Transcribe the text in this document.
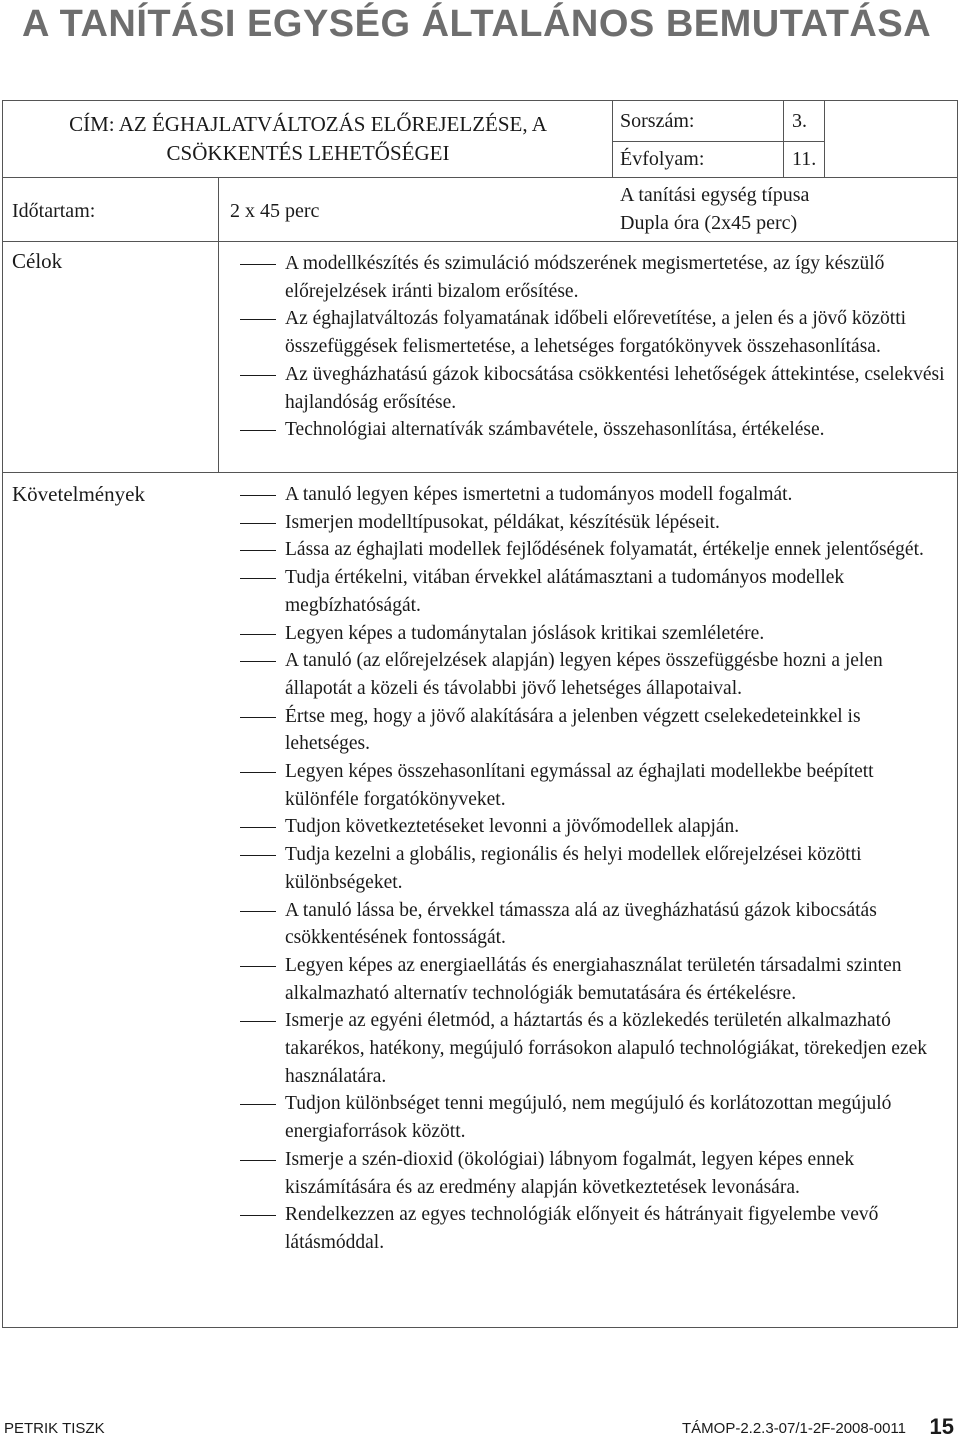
A TANÍTÁSI EGYSÉG ÁLTALÁNOS BEMUTATÁSA
CÍM: AZ ÉGHAJLATVÁLTOZÁS ELŐREJELZÉSE, A
CSÖKKENTÉS LEHETŐSÉGEI
Sorszám:	3.
Évfolyam:	11.
Időtartam:	2 x 45 perc
A tanítási egység típusa
Dupla óra (2x45 perc)
Célok	A modellkészítés és szimuláció módszerének megismertetése, az így készülő előrejelzések iránti bizalom erősítése.
Az éghajlatváltozás folyamatának időbeli előrevetítése, a jelen és a jövő közötti összefüggések felismertetése, a lehetséges forgatókönyvek összehasonlítása.
Az üvegházhatású gázok kibocsátása csökkentési lehetőségek áttekintése, cselekvési hajlandóság erősítése.
Technológiai alternatívák számbavétele, összehasonlítása, értékelése.
Követelmények	A tanuló legyen képes ismertetni a tudományos modell fogalmát.
Ismerjen modelltípusokat, példákat, készítésük lépéseit.
Lássa az éghajlati modellek fejlődésének folyamatát, értékelje ennek jelentőségét.
Tudja értékelni, vitában érvekkel alátámasztani a tudományos modellek megbízhatóságát.
Legyen képes a tudománytalan jóslások kritikai szemléletére.
A tanuló (az előrejelzések alapján) legyen képes összefüggésbe hozni a jelen állapotát a közeli és távolabbi jövő lehetséges állapotaival.
Értse meg, hogy a jövő alakítására a jelenben végzett cselekedeteinkkel is lehetséges.
Legyen képes összehasonlítani egymással az éghajlati modellekbe beépített különféle forgatókönyveket.
Tudjon következtetéseket levonni a jövőmodellek alapján.
Tudja kezelni a globális, regionális és helyi modellek előrejelzései közötti különbségeket.
A tanuló lássa be, érvekkel támassza alá az üvegházhatású gázok kibocsátás csökkentésének fontosságát.
Legyen képes az energiaellátás és energiahasználat területén társadalmi szinten alkalmazható alternatív technológiák bemutatására és értékelésre.
Ismerje az egyéni életmód, a háztartás és a közlekedés területén alkalmazható takarékos, hatékony, megújuló forrásokon alapuló technológiákat, törekedjen ezek használatára.
Tudjon különbséget tenni megújuló, nem megújuló és korlátozottan megújuló energiaforrások között.
Ismerje a szén-dioxid (ökológiai) lábnyom fogalmát, legyen képes ennek kiszámítására és az eredmény alapján következtetések levonására.
Rendelkezzen az egyes technológiák előnyeit és hátrányait figyelembe vevő látásmóddal.
PETRIK TISZK	TÁMOP-2.2.3-07/1-2F-2008-0011 15
